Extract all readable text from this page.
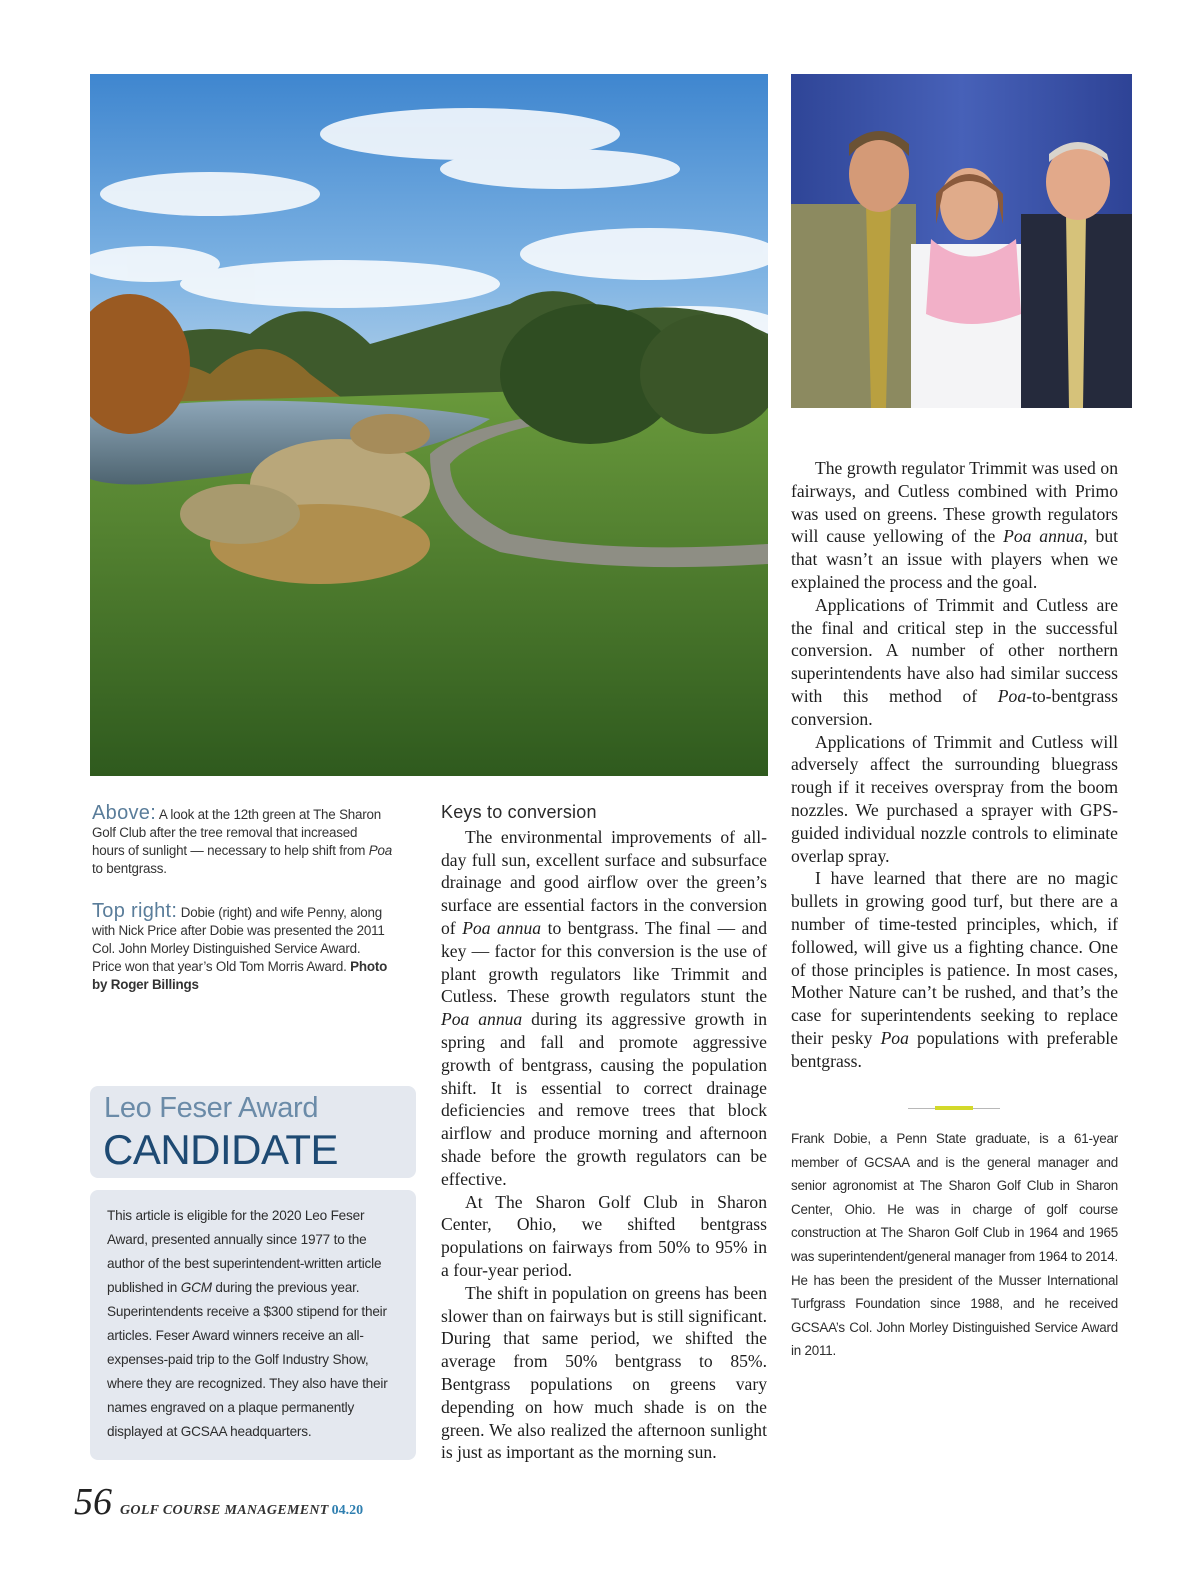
Above: A look at the 12th green at The Sharon Golf Club after the tree removal that increased hours of sunlight — necessary to help shift from Poa to bentgrass.
Top right: Dobie (right) and wife Penny, along with Nick Price after Dobie was presented the 2011 Col. John Morley Distinguished Service Award. Price won that year’s Old Tom Morris Award. Photo by Roger Billings
Leo Feser Award
CANDIDATE
This article is eligible for the 2020 Leo Feser Award, presented annually since 1977 to the author of the best superintendent-written article published in GCM during the previous year. Superintendents receive a $300 stipend for their articles. Feser Award winners receive an all-expenses-paid trip to the Golf Industry Show, where they are recognized. They also have their names engraved on a plaque permanently displayed at GCSAA headquarters.
Keys to conversion

The environmental improvements of all-day full sun, excellent surface and subsurface drainage and good airflow over the green’s surface are essential factors in the conversion of Poa annua to bentgrass. The final — and key — factor for this conversion is the use of plant growth regulators like Trimmit and Cutless. These growth regulators stunt the Poa annua during its aggressive growth in spring and fall and promote aggressive growth of bentgrass, causing the population shift. It is essential to correct drainage deficiencies and remove trees that block airflow and produce morning and afternoon shade before the growth regulators can be effective.

At The Sharon Golf Club in Sharon Center, Ohio, we shifted bentgrass populations on fairways from 50% to 95% in a four-year period.

The shift in population on greens has been slower than on fairways but is still significant. During that same period, we shifted the average from 50% bentgrass to 85%. Bentgrass populations on greens vary depending on how much shade is on the green. We also realized the afternoon sunlight is just as important as the morning sun.

The growth regulator Trimmit was used on fairways, and Cutless combined with Primo was used on greens. These growth regulators will cause yellowing of the Poa annua, but that wasn’t an issue with players when we explained the process and the goal.

Applications of Trimmit and Cutless are the final and critical step in the successful conversion. A number of other northern superintendents have also had similar success with this method of Poa-to-bentgrass conversion.

Applications of Trimmit and Cutless will adversely affect the surrounding bluegrass rough if it receives overspray from the boom nozzles. We purchased a sprayer with GPS-guided individual nozzle controls to eliminate overlap spray.

I have learned that there are no magic bullets in growing good turf, but there are a number of time-tested principles, which, if followed, will give us a fighting chance. One of those principles is patience. In most cases, Mother Nature can’t be rushed, and that’s the case for superintendents seeking to replace their pesky Poa populations with preferable bentgrass.

Frank Dobie, a Penn State graduate, is a 61-year member of GCSAA and is the general manager and senior agronomist at The Sharon Golf Club in Sharon Center, Ohio. He was in charge of golf course construction at The Sharon Golf Club in 1964 and 1965 was superintendent/general manager from 1964 to 2014. He has been the president of the Musser International Turfgrass Foundation since 1988, and he received GCSAA’s Col. John Morley Distinguished Service Award in 2011.
56 GOLF COURSE MANAGEMENT 04.20
